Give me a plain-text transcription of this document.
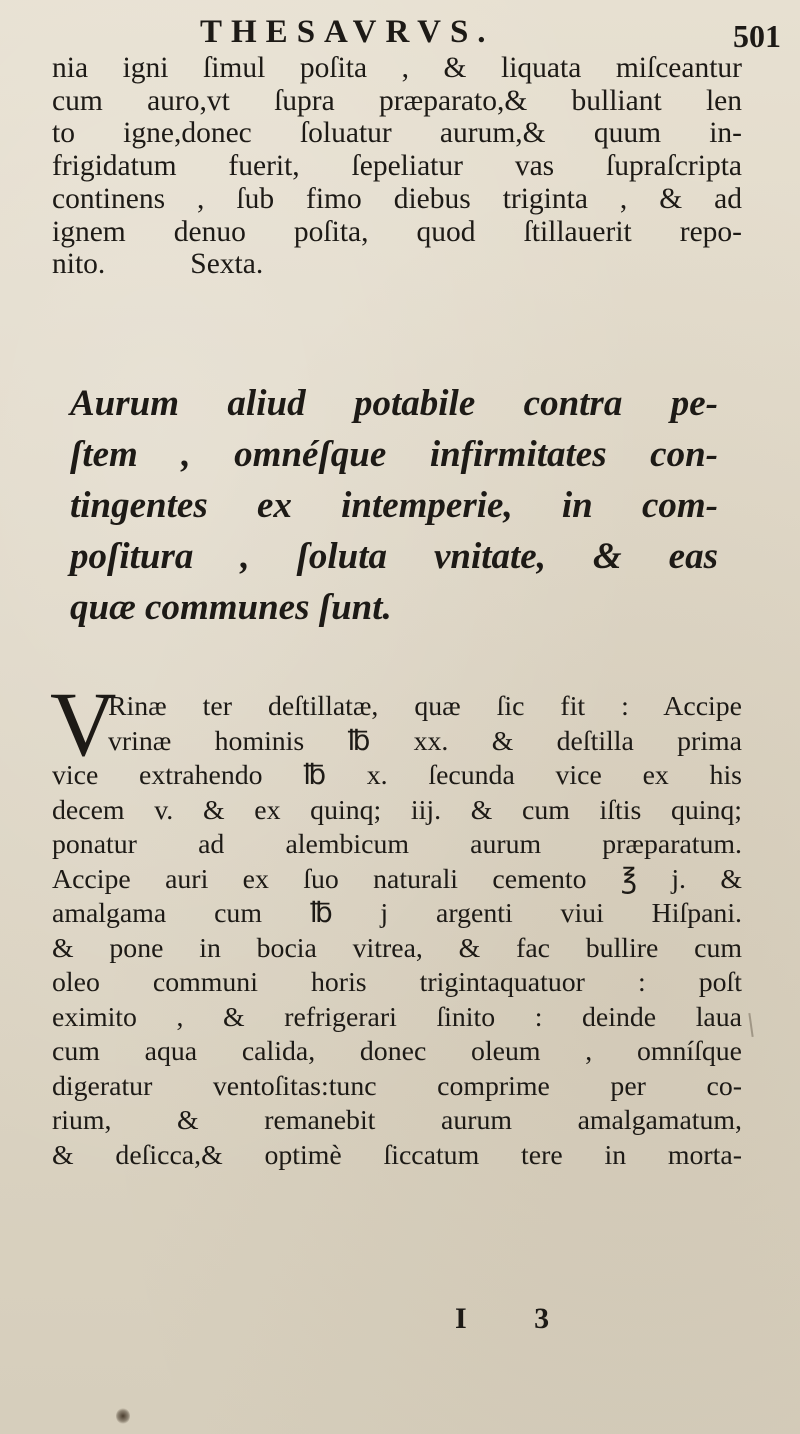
THESAVRVS.	501
nia igni ſimul poſita , & liquata miſceantur
cum auro,vt ſupra præparato,& bulliant len
to igne,donec ſoluatur aurum,& quum in-
frigidatum fuerit, ſepeliatur vas ſupraſcripta
continens , ſub fimo diebus triginta , & ad
ignem denuo poſita, quod ſtillauerit repo-
nito.	Sexta.
Aurum aliud potabile contra pe-
ſtem , omnéſque infirmitates con-
tingentes ex intemperie, in com-
poſitura , ſoluta vnitate, & eas
quæ communes ſunt.
V
Rinæ ter deſtillatæ, quæ ſic fit : Accipe
vrinæ hominis ℔ xx. & deſtilla prima
vice extrahendo ℔ x. ſecunda vice ex his
decem v. & ex quinq; iij. & cum iſtis quinq;
ponatur ad alembicum aurum præparatum.
Accipe auri ex ſuo naturali cemento ℥ j. &
amalgama cum ℔ j argenti viui Hiſpani.
& pone in bocia vitrea, & fac bullire cum
oleo communi horis trigintaquatuor : poſt
eximito , & refrigerari ſinito : deinde laua
cum aqua calida, donec oleum , omníſque
digeratur ventoſitas:tunc comprime per co-
rium, & remanebit aurum amalgamatum,
& deſicca,& optimè ſiccatum tere in morta-
I 3
